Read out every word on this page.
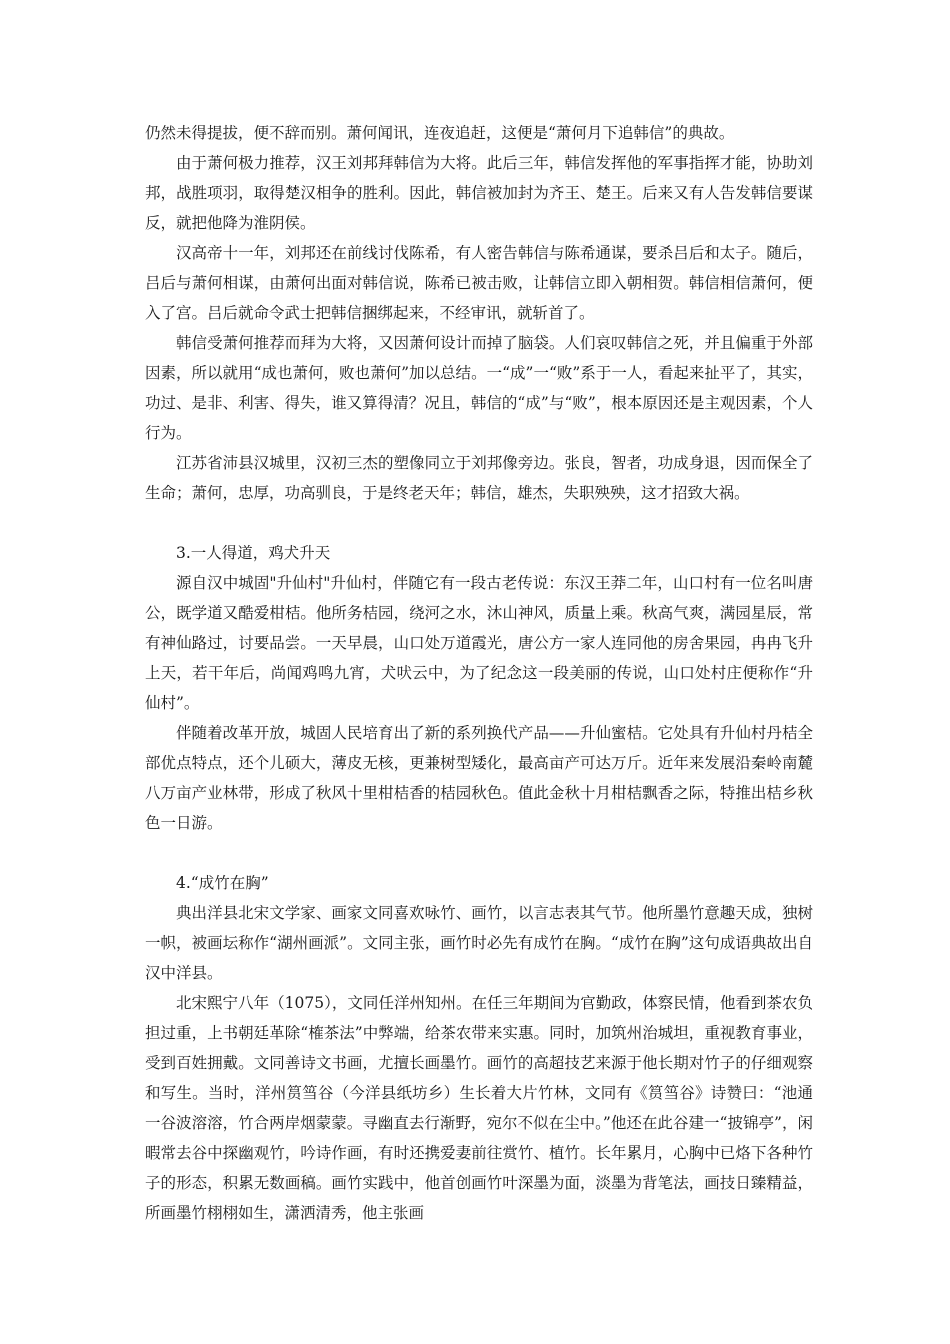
仍然未得提拔，便不辞而别。萧何闻讯，连夜追赶，这便是“萧何月下追韩信”的典故。

由于萧何极力推荐，汉王刘邦拜韩信为大将。此后三年，韩信发挥他的军事指挥才能，协助刘邦，战胜项羽，取得楚汉相争的胜利。因此，韩信被加封为齐王、楚王。后来又有人告发韩信要谋反，就把他降为淮阴侯。

汉高帝十一年，刘邦还在前线讨伐陈希，有人密告韩信与陈希通谋，要杀吕后和太子。随后，吕后与萧何相谋，由萧何出面对韩信说，陈希已被击败，让韩信立即入朝相贺。韩信相信萧何，便入了宫。吕后就命令武士把韩信捆绑起来，不经审讯，就斩首了。

韩信受萧何推荐而拜为大将，又因萧何设计而掉了脑袋。人们哀叹韩信之死，并且偏重于外部因素，所以就用“成也萧何，败也萧何”加以总结。一“成”一“败”系于一人，看起来扯平了，其实，功过、是非、利害、得失，谁又算得清？况且，韩信的“成”与“败”，根本原因还是主观因素，个人行为。

江苏省沛县汉城里，汉初三杰的塑像同立于刘邦像旁边。张良，智者，功成身退，因而保全了生命；萧何，忠厚，功高驯良，于是终老天年；韩信，雄杰，失职殃殃，这才招致大祸。

3.一人得道，鸡犬升天

源自汉中城固"升仙村"升仙村，伴随它有一段古老传说：东汉王莽二年，山口村有一位名叫唐公，既学道又酷爱柑桔。他所务桔园，绕河之水，沐山神风，质量上乘。秋高气爽，满园星辰，常有神仙路过，讨要品尝。一天早晨，山口处万道霞光，唐公方一家人连同他的房舍果园，冉冉飞升上天，若干年后，尚闻鸡鸣九宵，犬吠云中，为了纪念这一段美丽的传说，山口处村庄便称作“升仙村”。

伴随着改革开放，城固人民培育出了新的系列换代产品——升仙蜜桔。它处具有升仙村丹桔全部优点特点，还个儿硕大，薄皮无核，更兼树型矮化，最高亩产可达万斤。近年来发展沿秦岭南麓八万亩产业林带，形成了秋风十里柑桔香的桔园秋色。值此金秋十月柑桔飘香之际，特推出桔乡秋色一日游。

4.“成竹在胸”

典出洋县北宋文学家、画家文同喜欢咏竹、画竹，以言志表其气节。他所墨竹意趣天成，独树一帜，被画坛称作“湖州画派”。文同主张，画竹时必先有成竹在胸。“成竹在胸”这句成语典故出自汉中洋县。

北宋熙宁八年（1075），文同任洋州知州。在任三年期间为官勤政，体察民情，他看到茶农负担过重，上书朝廷革除“榷茶法”中弊端，给茶农带来实惠。同时，加筑州治城坦，重视教育事业，受到百姓拥戴。文同善诗文书画，尤擅长画墨竹。画竹的高超技艺来源于他长期对竹子的仔细观察和写生。当时，洋州筼筜谷（今洋县纸坊乡）生长着大片竹林，文同有《筼筜谷》诗赞曰：“池通一谷波溶溶，竹合两岸烟蒙蒙。寻幽直去行渐野，宛尔不似在尘中。”他还在此谷建一“披锦亭”，闲暇常去谷中探幽观竹，吟诗作画，有时还携爱妻前往赏竹、植竹。长年累月，心胸中已烙下各种竹子的形态，积累无数画稿。画竹实践中，他首创画竹叶深墨为面，淡墨为背笔法，画技日臻精益，所画墨竹栩栩如生，潇洒清秀，他主张画
